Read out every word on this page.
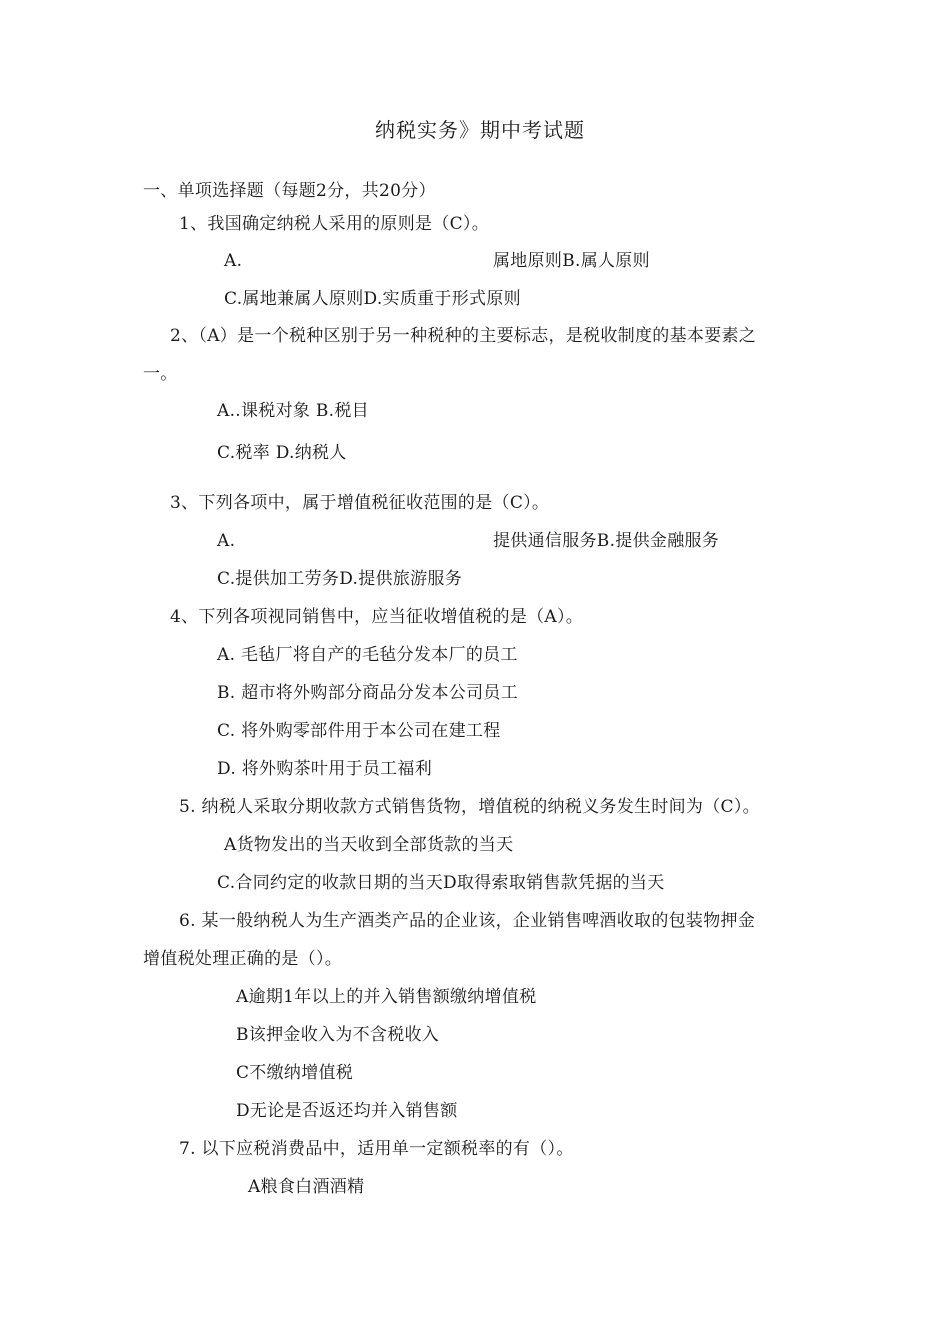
纳税实务》期中考试题
一、单项选择题（每题2分，共20分）
1、我国确定纳税人采用的原则是（C）。
A.	属地原则B.属人原则
C.属地兼属人原则D.实质重于形式原则
2、（A）是一个税种区别于另一种税种的主要标志，是税收制度的基本要素之
一。
A..课税对象 B.税目
C.税率 D.纳税人
3、下列各项中，属于增值税征收范围的是（C）。
A.	提供通信服务B.提供金融服务
C.提供加工劳务D.提供旅游服务
4、下列各项视同销售中，应当征收增值税的是（A）。
A. 毛毡厂将自产的毛毡分发本厂的员工
B. 超市将外购部分商品分发本公司员工
C. 将外购零部件用于本公司在建工程
D. 将外购茶叶用于员工福利
5. 纳税人采取分期收款方式销售货物，增值税的纳税义务发生时间为（C）。
A货物发出的当天收到全部货款的当天
C.合同约定的收款日期的当天D取得索取销售款凭据的当天
6. 某一般纳税人为生产酒类产品的企业该，企业销售啤酒收取的包装物押金
增值税处理正确的是（）。
A逾期1年以上的并入销售额缴纳增值税
B该押金收入为不含税收入
C不缴纳增值税
D无论是否返还均并入销售额
7. 以下应税消费品中，适用单一定额税率的有（）。
A粮食白酒酒精
